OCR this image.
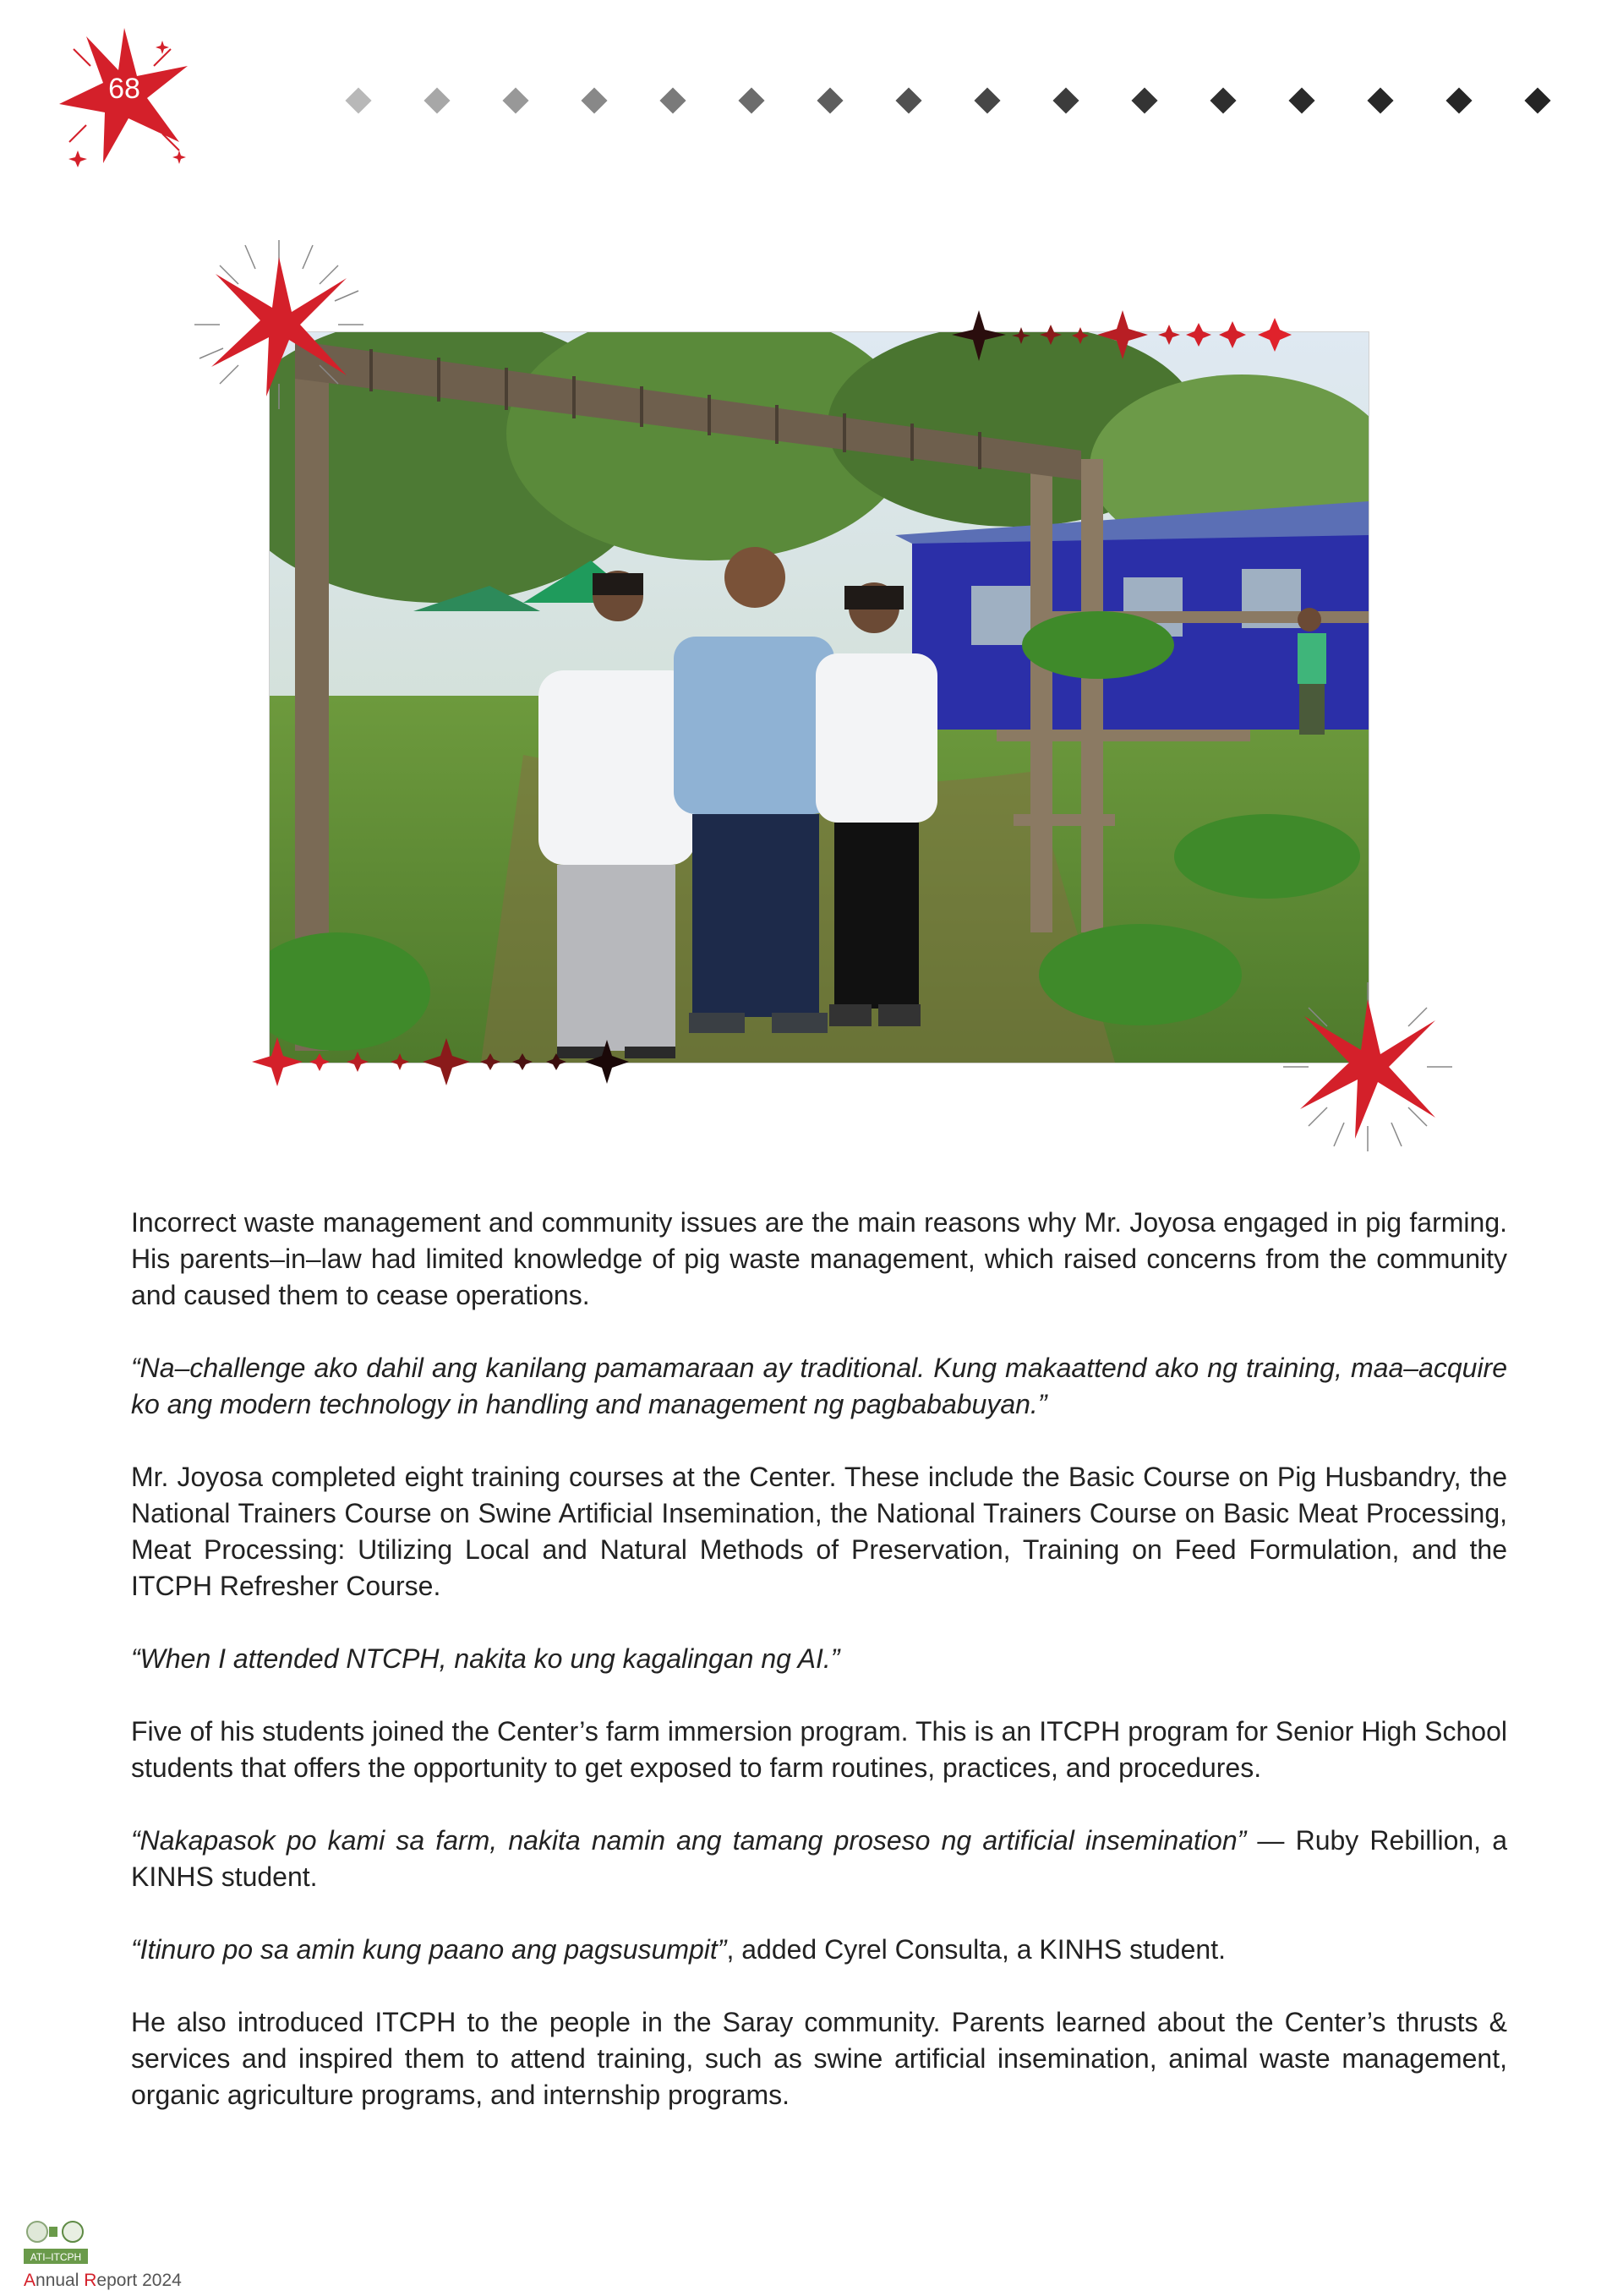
68

Incorrect waste management and community issues are the main reasons why Mr. Joyosa engaged in pig farming. His parents–in–law had limited knowledge of pig waste management, which raised concerns from the community and caused them to cease operations.

“Na–challenge ako dahil ang kanilang pamamaraan ay traditional. Kung makaattend ako ng training, maa–acquire ko ang modern technology in handling and management ng pagbababuyan.”

Mr. Joyosa completed eight training courses at the Center. These include the Basic Course on Pig Husbandry, the National Trainers Course on Swine Artificial Insemination, the National Trainers Course on Basic Meat Processing, Meat Processing: Utilizing Local and Natural Methods of Preservation, Training on Feed Formulation, and the ITCPH Refresher Course.

“When I attended NTCPH, nakita ko ung kagalingan ng AI.”

Five of his students joined the Center’s farm immersion program. This is an ITCPH program for Senior High School students that offers the opportunity to get exposed to farm routines, practices, and procedures.

“Nakapasok po kami sa farm, nakita namin ang tamang proseso ng artificial insemination” — Ruby Rebillion, a KINHS student.

“Itinuro po sa amin kung paano ang pagsusumpit”, added Cyrel Consulta, a KINHS student.

He also introduced ITCPH to the people in the Saray community. Parents learned about the Center’s thrusts & services and inspired them to attend training, such as swine artificial insemination, animal waste management, organic agriculture programs, and internship programs.

ATI–ITCPH
Annual Report 2024
